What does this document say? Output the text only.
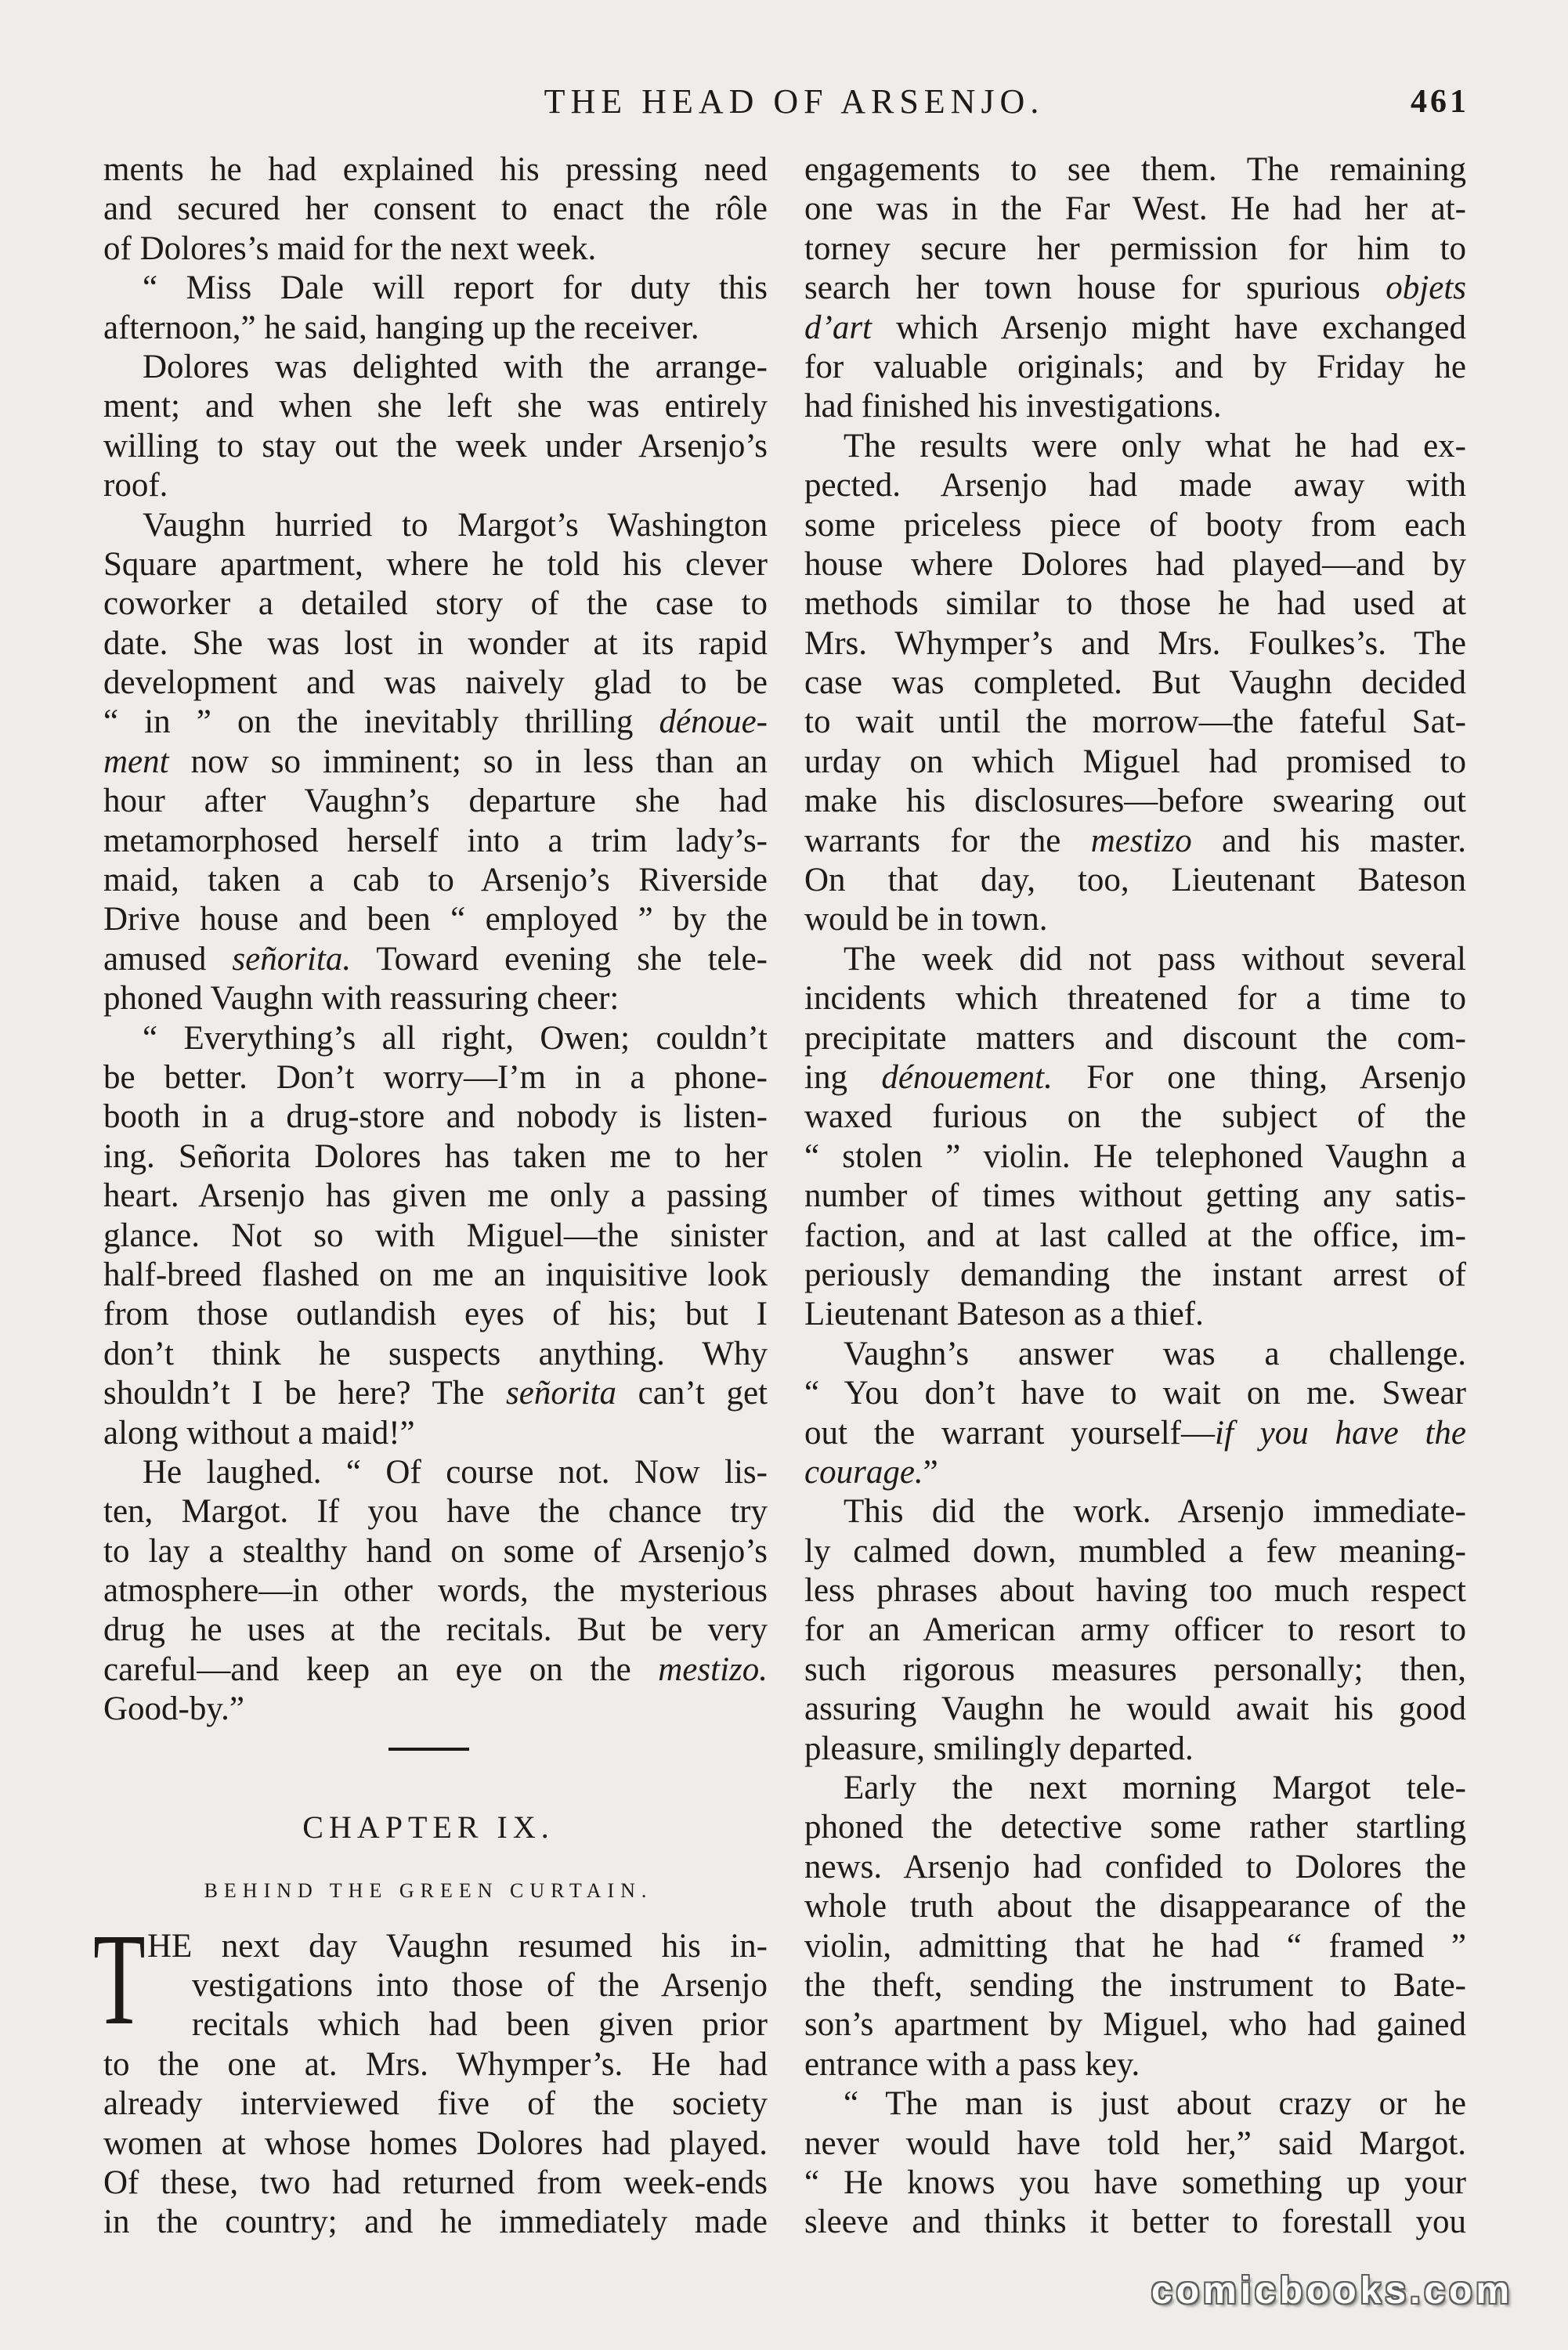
THE HEAD OF ARSENJO.	461
ments he had explained his pressing need
and secured her consent to enact the rôle
of Dolores’s maid for the next week.
“ Miss Dale will report for duty this
afternoon,” he said, hanging up the receiver.
Dolores was delighted with the arrange-
ment; and when she left she was entirely
willing to stay out the week under Arsenjo’s
roof.
Vaughn hurried to Margot’s Washington
Square apartment, where he told his clever
coworker a detailed story of the case to
date. She was lost in wonder at its rapid
development and was naively glad to be
“ in ” on the inevitably thrilling dénoue-
ment now so imminent; so in less than an
hour after Vaughn’s departure she had
metamorphosed herself into a trim lady’s-
maid, taken a cab to Arsenjo’s Riverside
Drive house and been “ employed ” by the
amused señorita. Toward evening she tele-
phoned Vaughn with reassuring cheer:
“ Everything’s all right, Owen; couldn’t
be better. Don’t worry—I’m in a phone-
booth in a drug-store and nobody is listen-
ing. Señorita Dolores has taken me to her
heart. Arsenjo has given me only a passing
glance. Not so with Miguel—the sinister
half-breed flashed on me an inquisitive look
from those outlandish eyes of his; but I
don’t think he suspects anything. Why
shouldn’t I be here? The señorita can’t get
along without a maid!”
He laughed. “ Of course not. Now lis-
ten, Margot. If you have the chance try
to lay a stealthy hand on some of Arsenjo’s
atmosphere—in other words, the mysterious
drug he uses at the recitals. But be very
careful—and keep an eye on the mestizo.
Good-by.”
CHAPTER IX.
BEHIND THE GREEN CURTAIN.
T HE next day Vaughn resumed his in-
vestigations into those of the Arsenjo
recitals which had been given prior
to the one at. Mrs. Whymper’s. He had
already interviewed five of the society
women at whose homes Dolores had played.
Of these, two had returned from week-ends
in the country; and he immediately made
engagements to see them. The remaining
one was in the Far West. He had her at-
torney secure her permission for him to
search her town house for spurious objets
d’art which Arsenjo might have exchanged
for valuable originals; and by Friday he
had finished his investigations.
The results were only what he had ex-
pected. Arsenjo had made away with
some priceless piece of booty from each
house where Dolores had played—and by
methods similar to those he had used at
Mrs. Whymper’s and Mrs. Foulkes’s. The
case was completed. But Vaughn decided
to wait until the morrow—the fateful Sat-
urday on which Miguel had promised to
make his disclosures—before swearing out
warrants for the mestizo and his master.
On that day, too, Lieutenant Bateson
would be in town.
The week did not pass without several
incidents which threatened for a time to
precipitate matters and discount the com-
ing dénouement. For one thing, Arsenjo
waxed furious on the subject of the
“ stolen ” violin. He telephoned Vaughn a
number of times without getting any satis-
faction, and at last called at the office, im-
periously demanding the instant arrest of
Lieutenant Bateson as a thief.
Vaughn’s answer was a challenge.
“ You don’t have to wait on me. Swear
out the warrant yourself—if you have the
courage.”
This did the work. Arsenjo immediate-
ly calmed down, mumbled a few meaning-
less phrases about having too much respect
for an American army officer to resort to
such rigorous measures personally; then,
assuring Vaughn he would await his good
pleasure, smilingly departed.
Early the next morning Margot tele-
phoned the detective some rather startling
news. Arsenjo had confided to Dolores the
whole truth about the disappearance of the
violin, admitting that he had “ framed ”
the theft, sending the instrument to Bate-
son’s apartment by Miguel, who had gained
entrance with a pass key.
“ The man is just about crazy or he
never would have told her,” said Margot.
“ He knows you have something up your
sleeve and thinks it better to forestall you
comicbooks.com
